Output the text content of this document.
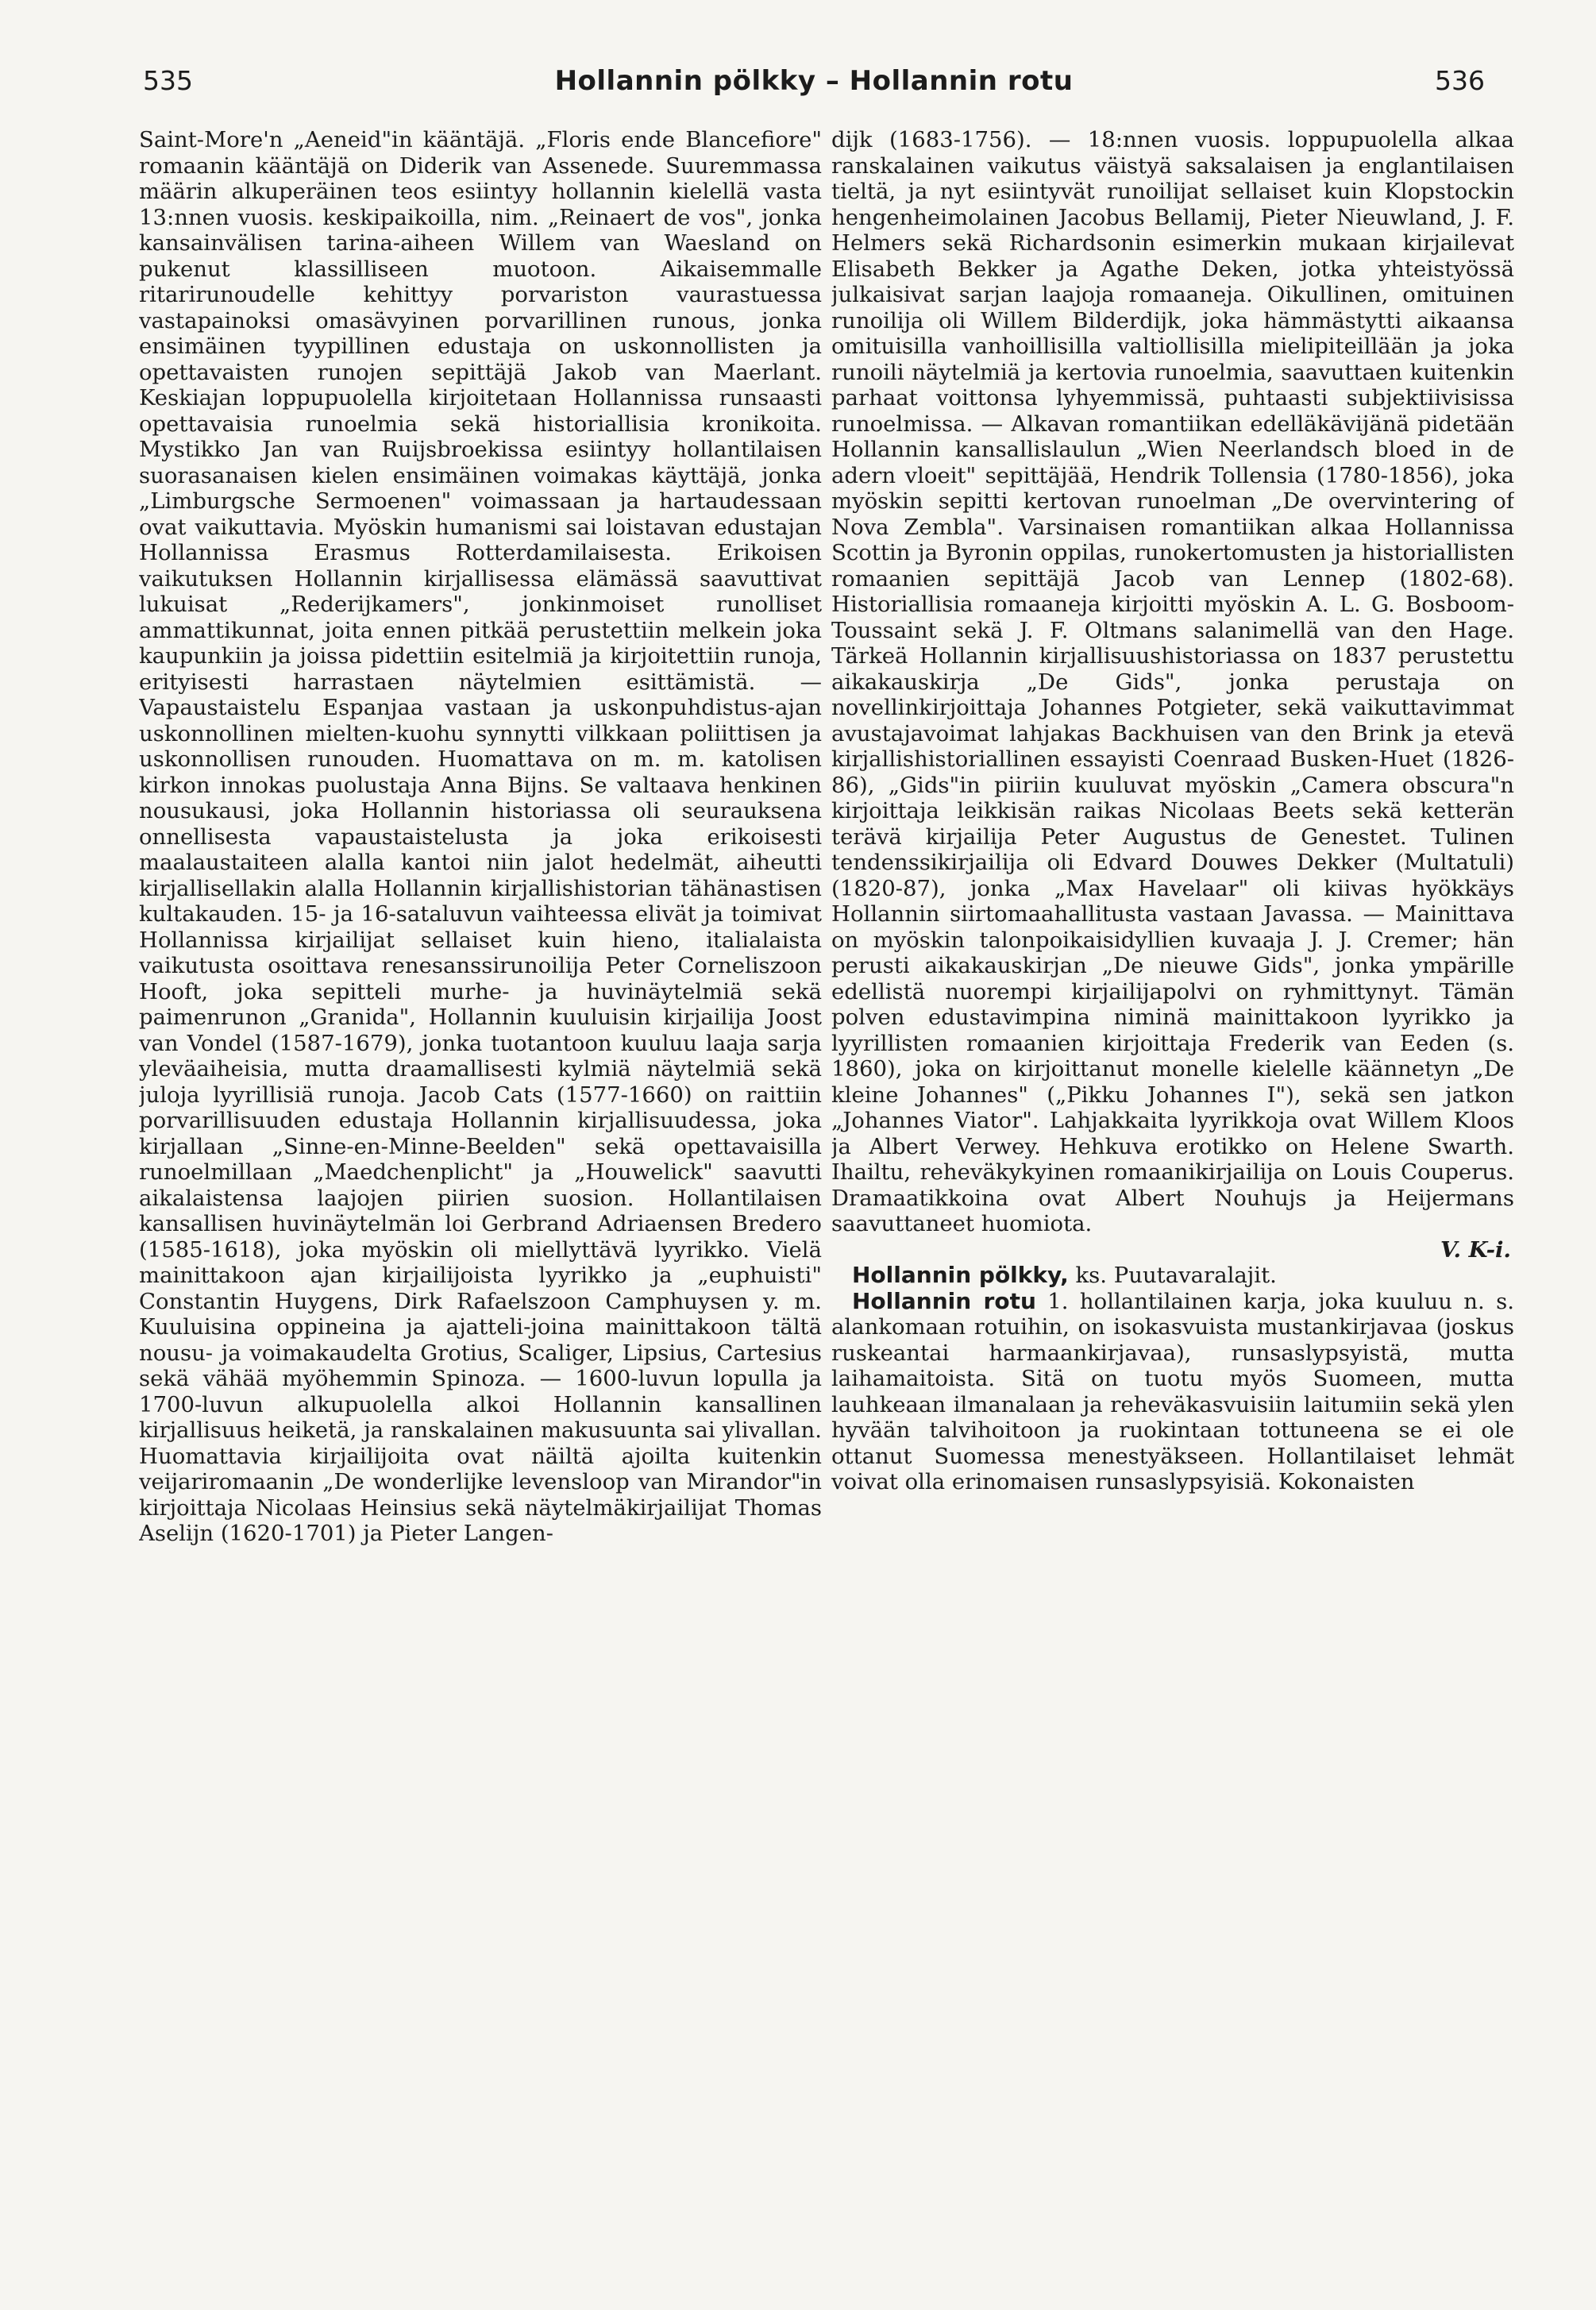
535	Hollannin pölkky – Hollannin rotu	536

Saint-More'n „Aeneid"in kääntäjä. „Floris ende Blancefiore" romaanin kääntäjä on Diderik van Assenede. Suuremmassa määrin alkuperäinen teos esiintyy hollannin kielellä vasta 13:nnen vuosis. keskipaikoilla, nim. „Reinaert de vos", jonka kansainvälisen tarina-aiheen Willem van Waesland on pukenut klassilliseen muotoon. Aikaisemmalle ritarirunoudelle kehittyy porvariston vaurastuessa vastapainoksi omasävyinen porvarillinen runous, jonka ensimäinen tyypillinen edustaja on uskonnollisten ja opettavaisten runojen sepittäjä Jakob van Maerlant. Keskiajan loppupuolella kirjoitetaan Hollannissa runsaasti opettavaisia runoelmia sekä historiallisia kronikoita. Mystikko Jan van Ruijsbroekissa esiintyy hollantilaisen suorasanaisen kielen ensimäinen voimakas käyttäjä, jonka „Limburgsche Sermoenen" voimassaan ja hartaudessaan ovat vaikuttavia. Myöskin humanismi sai loistavan edustajan Hollannissa Erasmus Rotterdamilaisesta. Erikoisen vaikutuksen Hollannin kirjallisessa elämässä saavuttivat lukuisat „Rederijkamers", jonkinmoiset runolliset ammattikunnat, joita ennen pitkää perustettiin melkein joka kaupunkiin ja joissa pidettiin esitelmiä ja kirjoitettiin runoja, erityisesti harrastaen näytelmien esittämistä. — Vapaustaistelu Espanjaa vastaan ja uskonpuhdistus-ajan uskonnollinen mielten-kuohu synnytti vilkkaan poliittisen ja uskonnollisen runouden. Huomattava on m. m. katolisen kirkon innokas puolustaja Anna Bijns. Se valtaava henkinen nousukausi, joka Hollannin historiassa oli seurauksena onnellisesta vapaustaistelusta ja joka erikoisesti maalaustaiteen alalla kantoi niin jalot hedelmät, aiheutti kirjallisellakin alalla Hollannin kirjallishistorian tähänastisen kultakauden. 15- ja 16-sataluvun vaihteessa elivät ja toimivat Hollannissa kirjailijat sellaiset kuin hieno, italialaista vaikutusta osoittava renesanssirunoilija Peter Corneliszoon Hooft, joka sepitteli murhe- ja huvinäytelmiä sekä paimenrunon „Granida", Hollannin kuuluisin kirjailija Joost van Vondel (1587-1679), jonka tuotantoon kuuluu laaja sarja yleväaiheisia, mutta draamallisesti kylmiä näytelmiä sekä juloja lyyrillisiä runoja. Jacob Cats (1577-1660) on raittiin porvarillisuuden edustaja Hollannin kirjallisuudessa, joka kirjallaan „Sinne-en-Minne-Beelden" sekä opettavaisilla runoelmillaan „Maedchenplicht" ja „Houwelick" saavutti aikalaistensa laajojen piirien suosion. Hollantilaisen kansallisen huvinäytelmän loi Gerbrand Adriaensen Bredero (1585-1618), joka myöskin oli miellyttävä lyyrikko. Vielä mainittakoon ajan kirjailijoista lyyrikko ja „euphuisti" Constantin Huygens, Dirk Rafaelszoon Camphuysen y. m. Kuuluisina oppineina ja ajatteli-joina mainittakoon tältä nousu- ja voimakaudelta Grotius, Scaliger, Lipsius, Cartesius sekä vähää myöhemmin Spinoza. — 1600-luvun lopulla ja 1700-luvun alkupuolella alkoi Hollannin kansallinen kirjallisuus heiketä, ja ranskalainen makusuunta sai ylivallan. Huomattavia kirjailijoita ovat näiltä ajoilta kuitenkin veijariromaanin „De wonderlijke levensloop van Mirandor"in kirjoittaja Nicolaas Heinsius sekä näytelmäkirjailijat Thomas Aselijn (1620-1701) ja Pieter Langen-

dijk (1683-1756). — 18:nnen vuosis. loppupuolella alkaa ranskalainen vaikutus väistyä saksalaisen ja englantilaisen tieltä, ja nyt esiintyvät runoilijat sellaiset kuin Klopstockin hengenheimolainen Jacobus Bellamij, Pieter Nieuwland, J. F. Helmers sekä Richardsonin esimerkin mukaan kirjailevat Elisabeth Bekker ja Agathe Deken, jotka yhteistyössä julkaisivat sarjan laajoja romaaneja. Oikullinen, omituinen runoilija oli Willem Bilderdijk, joka hämmästytti aikaansa omituisilla vanhoillisilla valtiollisilla mielipiteillään ja joka runoili näytelmiä ja kertovia runoelmia, saavuttaen kuitenkin parhaat voittonsa lyhyemmissä, puhtaasti subjektiivisissa runoelmissa. — Alkavan romantiikan edelläkävijänä pidetään Hollannin kansallislaulun „Wien Neerlandsch bloed in de adern vloeit" sepittäjää, Hendrik Tollensia (1780-1856), joka myöskin sepitti kertovan runoelman „De overvintering of Nova Zembla". Varsinaisen romantiikan alkaa Hollannissa Scottin ja Byronin oppilas, runokertomusten ja historiallisten romaanien sepittäjä Jacob van Lennep (1802-68). Historiallisia romaaneja kirjoitti myöskin A. L. G. Bosboom-Toussaint sekä J. F. Oltmans salanimellä van den Hage. Tärkeä Hollannin kirjallisuushistoriassa on 1837 perustettu aikakauskirja „De Gids", jonka perustaja on novellinkirjoittaja Johannes Potgieter, sekä vaikuttavimmat avustajavoimat lahjakas Backhuisen van den Brink ja etevä kirjallishistoriallinen essayisti Coenraad Busken-Huet (1826-86), „Gids"in piiriin kuuluvat myöskin „Camera obscura"n kirjoittaja leikkisän raikas Nicolaas Beets sekä ketterän terävä kirjailija Peter Augustus de Genestet. Tulinen tendenssikirjailija oli Edvard Douwes Dekker (Multatuli) (1820-87), jonka „Max Havelaar" oli kiivas hyökkäys Hollannin siirtomaahallitusta vastaan Javassa. — Mainittava on myöskin talonpoikaisidyllien kuvaaja J. J. Cremer; hän perusti aikakauskirjan „De nieuwe Gids", jonka ympärille edellistä nuorempi kirjailijapolvi on ryhmittynyt. Tämän polven edustavimpina niminä mainittakoon lyyrikko ja lyyrillisten romaanien kirjoittaja Frederik van Eeden (s. 1860), joka on kirjoittanut monelle kielelle käännetyn „De kleine Johannes" („Pikku Johannes I"), sekä sen jatkon „Johannes Viator". Lahjakkaita lyyrikkoja ovat Willem Kloos ja Albert Verwey. Hehkuva erotikko on Helene Swarth. Ihailtu, reheväkykyinen romaanikirjailija on Louis Couperus. Dramaatikkoina ovat Albert Nouhujs ja Heijermans saavuttaneet huomiota.

V. K-i.

Hollannin pölkky, ks. Puutavaralajit.

Hollannin rotu 1. hollantilainen karja, joka kuuluu n. s. alankomaan rotuihin, on isokasvuista mustankirjavaa (joskus ruskeantai harmaankirjavaa), runsaslypsyistä, mutta laihamaitoista. Sitä on tuotu myös Suomeen, mutta lauhkeaan ilmanalaan ja reheväkasvuisiin laitumiin sekä ylen hyvään talvihoitoon ja ruokintaan tottuneena se ei ole ottanut Suomessa menestyäkseen. Hollantilaiset lehmät voivat olla erinomaisen runsaslypsyisiä. Kokonaisten
